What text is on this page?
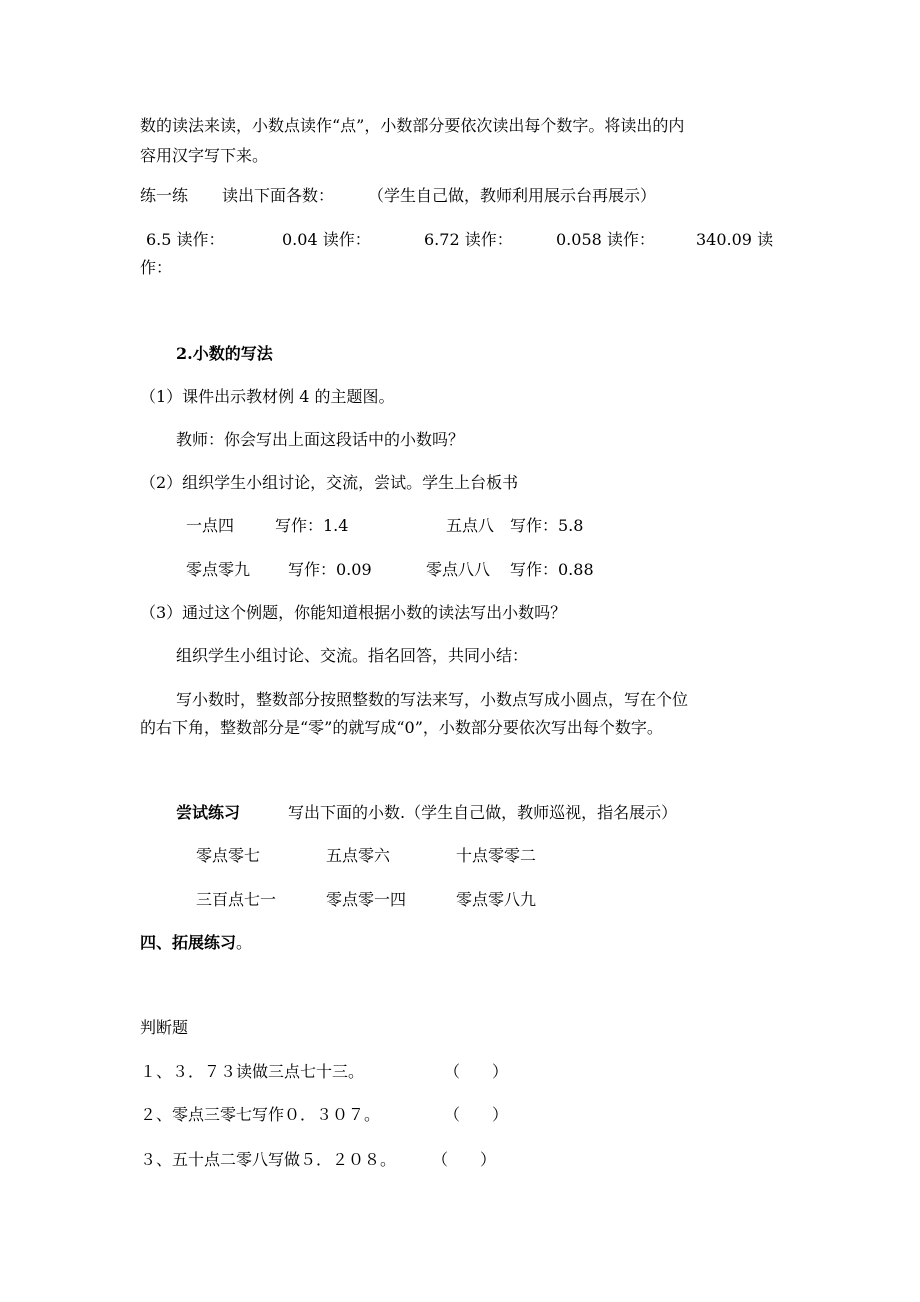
数的读法来读，小数点读作“点”，小数部分要依次读出每个数字。将读出的内
容用汉字写下来。
练一练 读出下面各数： （学生自己做，教师利用展示台再展示）
6.5 读作：	0.04 读作：	6.72 读作：	0.058 读作：	340.09 读
作：
2.小数的写法
（1）课件出示教材例 4 的主题图。
教师：你会写出上面这段话中的小数吗？
（2）组织学生小组讨论，交流，尝试。学生上台板书
一点四	写作：1.4	五点八 写作：5.8
零点零九 写作：0.09	零点八八 写作：0.88
（3）通过这个例题，你能知道根据小数的读法写出小数吗？
组织学生小组讨论、交流。指名回答，共同小结：
写小数时，整数部分按照整数的写法来写，小数点写成小圆点，写在个位
的右下角，整数部分是“零”的就写成“0”，小数部分要依次写出每个数字。
尝试练习	写出下面的小数.（学生自己做，教师巡视，指名展示）
零点零七	五点零六	十点零零二
三百点七一	零点零一四	零点零八九
四、拓展练习。
判断题
１、３．７３读做三点七十三。	（　　）
２、零点三零七写作０．３０７。	（　　）
３、五十点二零八写做５．２０８。 （　　）
